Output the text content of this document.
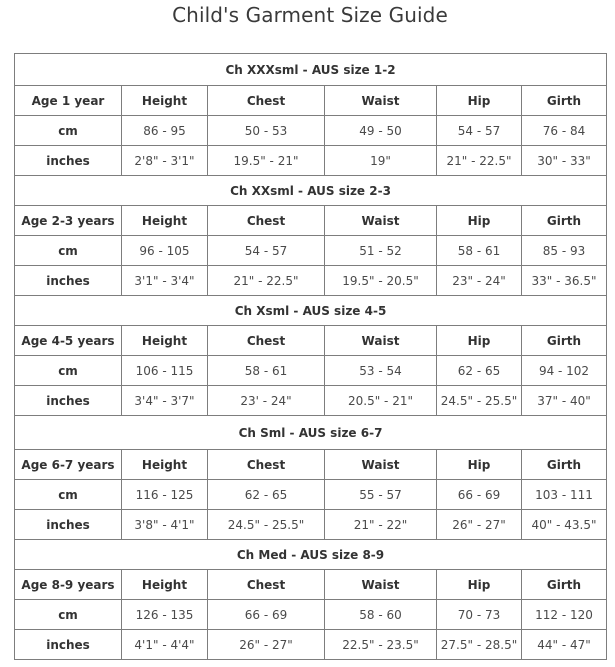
Child's Garment Size Guide
Ch XXXsml - AUS size 1-2					
Age 1 year	Height	Chest	Waist	Hip	Girth
cm	86 - 95	50 - 53	49 - 50	54 - 57	76 - 84
inches	2'8" - 3'1"	19.5" - 21"	19"	21" - 22.5"	30" - 33"
Ch XXsml - AUS size 2-3					
Age 2-3 years	Height	Chest	Waist	Hip	Girth
cm	96 - 105	54 - 57	51 - 52	58 - 61	85 - 93
inches	3'1" - 3'4"	21" - 22.5"	19.5" - 20.5"	23" - 24"	33" - 36.5"
Ch Xsml - AUS size 4-5					
Age 4-5 years	Height	Chest	Waist	Hip	Girth
cm	106 - 115	58 - 61	53 - 54	62 - 65	94 - 102
inches	3'4" - 3'7"	23' - 24"	20.5" - 21"	24.5" - 25.5"	37" - 40"
Ch Sml - AUS size 6-7					
Age 6-7 years	Height	Chest	Waist	Hip	Girth
cm	116 - 125	62 - 65	55 - 57	66 - 69	103 - 111
inches	3'8" - 4'1"	24.5" - 25.5"	21" - 22"	26" - 27"	40" - 43.5"
Ch Med - AUS size 8-9					
Age 8-9 years	Height	Chest	Waist	Hip	Girth
cm	126 - 135	66 - 69	58 - 60	70 - 73	112 - 120
inches	4'1" - 4'4"	26" - 27"	22.5" - 23.5"	27.5" - 28.5"	44" - 47"
